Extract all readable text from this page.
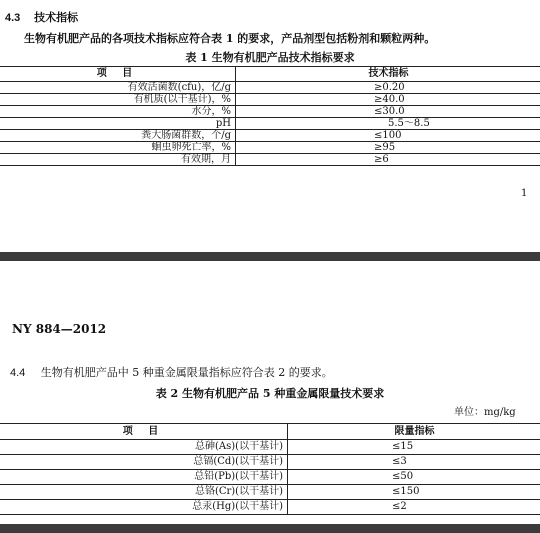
4.3 技术指标
生物有机肥产品的各项技术指标应符合表 1 的要求，产品剂型包括粉剂和颗粒两种。
表 1 生物有机肥产品技术指标要求
项 目	技术指标
有效活菌数(cfu)，亿/g	≥0.20
有机质(以干基计)，%	≥40.0
水分，%	≤30.0
pH	5.5～8.5
粪大肠菌群数，个/g	≤100
蛔虫卵死亡率，%	≥95
有效期，月	≥6
1
NY 884—2012
4.4 生物有机肥产品中 5 种重金属限量指标应符合表 2 的要求。
表 2 生物有机肥产品 5 种重金属限量技术要求
单位：mg/kg
项 目	限量指标
总砷(As)(以干基计)	≤15
总镉(Cd)(以干基计)	≤3
总铅(Pb)(以干基计)	≤50
总铬(Cr)(以干基计)	≤150
总汞(Hg)(以干基计)	≤2
